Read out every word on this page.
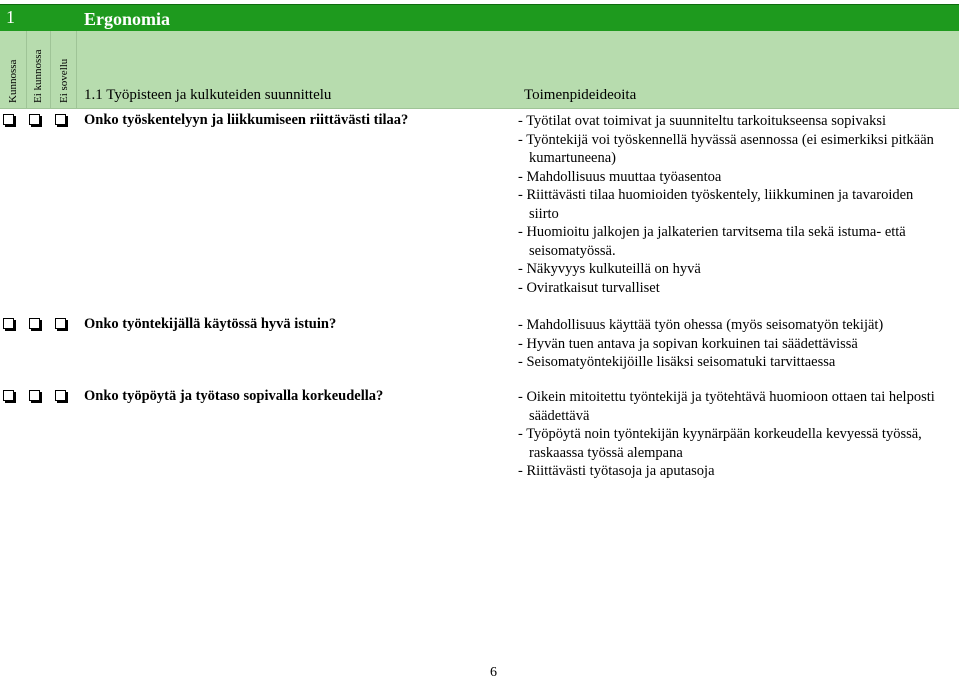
1	Ergonomia
Kunnossa Ei kunnossa Ei sovellu 1.1 Työpisteen ja kulkuteiden suunnittelu	Toimenpideideoita
Onko työskentelyyn ja liikkumiseen riittävästi tilaa?	- Työtilat ovat toimivat ja suunniteltu tarkoitukseensa sopivaksi
- Työntekijä voi työskennellä hyvässä asennossa (ei esimerkiksi pitkään kumartuneena)
- Mahdollisuus muuttaa työasentoa
- Riittävästi tilaa huomioiden työskentely, liikkuminen ja tavaroiden siirto
- Huomioitu jalkojen ja jalkaterien tarvitsema tila sekä istuma- että seisomatyössä.
- Näkyvyys kulkuteillä on hyvä
- Oviratkaisut turvalliset
Onko työntekijällä käytössä hyvä istuin?	- Mahdollisuus käyttää työn ohessa (myös seisomatyön tekijät)
- Hyvän tuen antava ja sopivan korkuinen tai säädettävissä
- Seisomatyöntekijöille lisäksi seisomatuki tarvittaessa
Onko työpöytä ja työtaso sopivalla korkeudella?	- Oikein mitoitettu työntekijä ja työtehtävä huomioon ottaen tai helposti säädettävä
- Työpöytä noin työntekijän kyynärpään korkeudella kevyessä työssä, raskaassa työssä alempana
- Riittävästi työtasoja ja aputasoja
6
